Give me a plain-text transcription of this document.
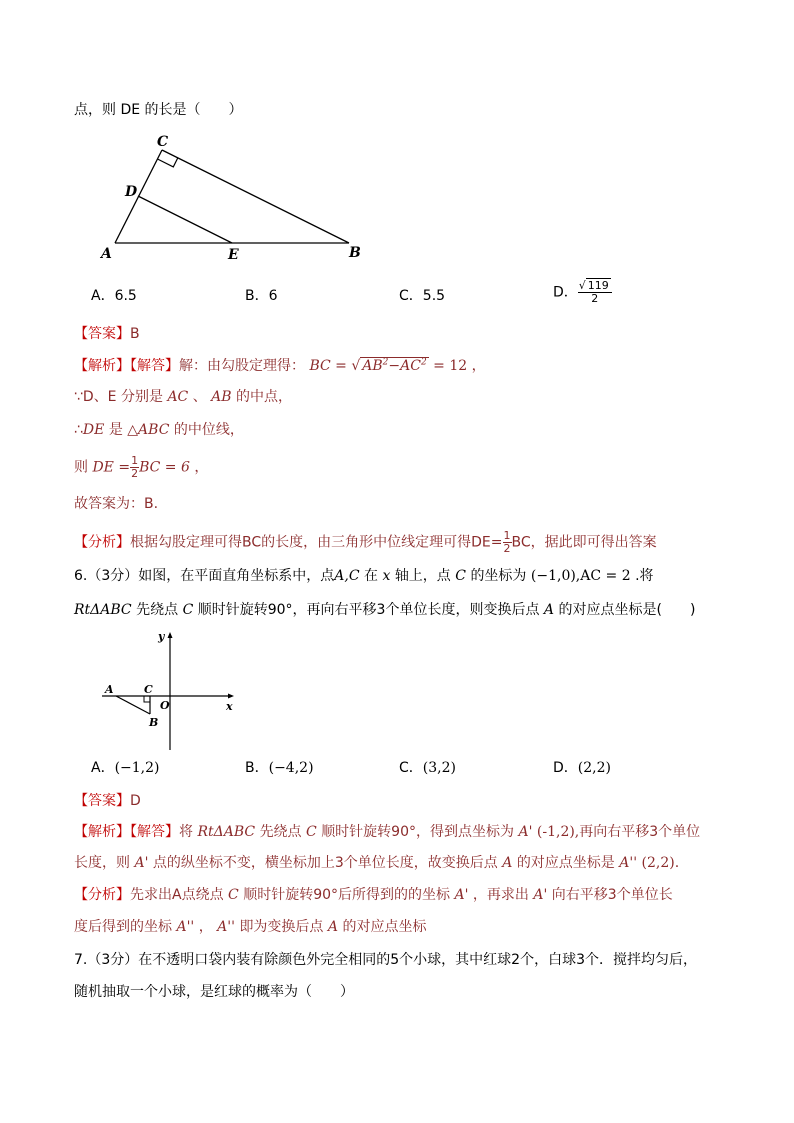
点，则 DE 的长是（　　）
C
D
A	E	B
A．6.5	B．6	C．5.5	D． $\frac{√ 119}{2}$
【答案】B
【解析】【解答】解：由勾股定理得： BC = √ $AB^2-AC^2 = 12$ ，
∵D、E 分别是 AC 、 AB 的中点，
∴DE 是 △ABC 的中位线，
则 DE = $\frac{1}{2}$ BC = 6 ，
故答案为：B.
【分析】根据勾股定理可得BC的长度，由三角形中位线定理可得$DE= \frac{1}{2}$ BC，据此即可得出答案
6.（3分）如图，在平面直角坐标系中，点A,C 在 x 轴上，点 C 的坐标为 (−1,0),AC = 2 .将
RtΔABC 先绕点 C 顺时针旋转90°，再向右平移3个单位长度，则变换后点 A 的对应点坐标是(　　)
y
x
O
A	C
B
A．(−1,2)	B．(−4,2)	C．(3,2)	D．(2,2)
【答案】D
【解析】【解答】将 RtΔABC 先绕点 C 顺时针旋转90°，得到点坐标为 A' (-1,2),再向右平移3个单位
长度，则 A' 点的纵坐标不变，横坐标加上3个单位长度，故变换后点 A 的对应点坐标是 A'' (2,2).
【分析】先求出A点绕点 C 顺时针旋转90°后所得到的的坐标 A' ，再求出 A' 向右平移3个单位长
度后得到的坐标 A'' ， A'' 即为变换后点 A 的对应点坐标
7.（3分）在不透明口袋内装有除颜色外完全相同的5个小球，其中红球2个，白球3个．搅拌均匀后，
随机抽取一个小球，是红球的概率为（　　）
